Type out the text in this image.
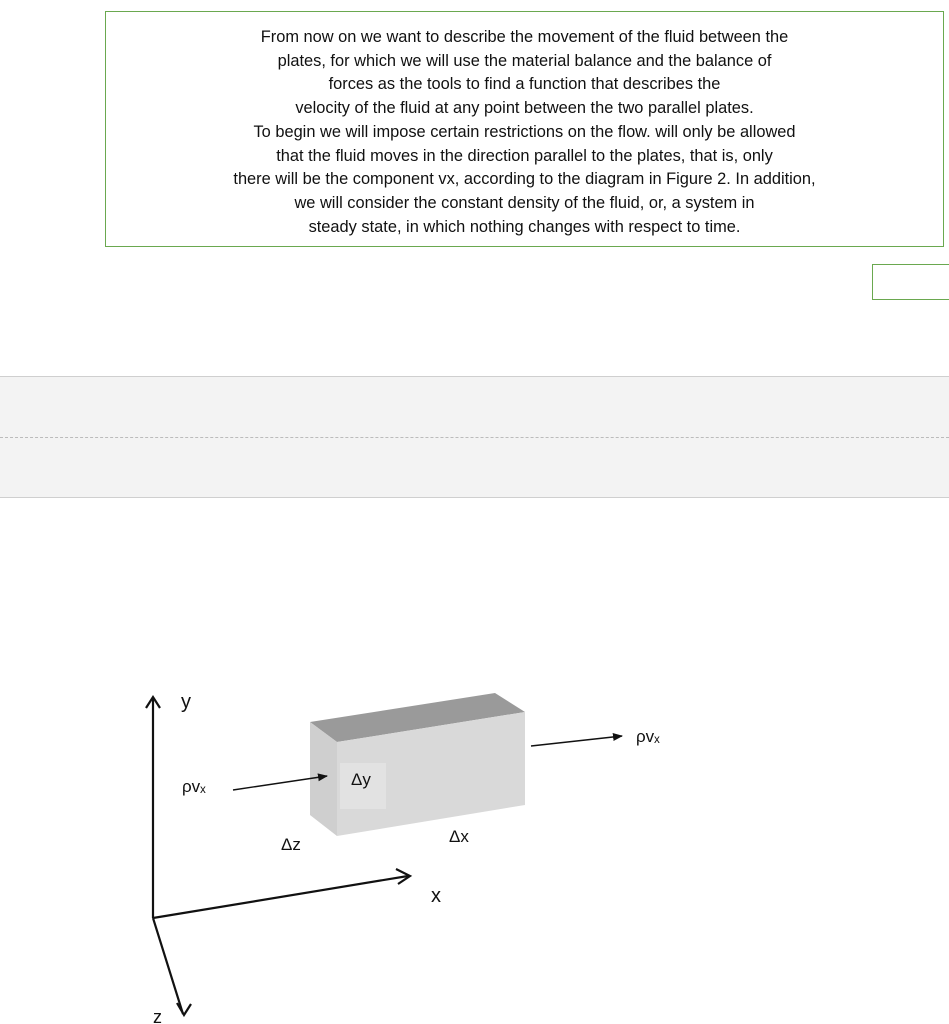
From now on we want to describe the movement of the fluid between the
plates, for which we will use the material balance and the balance of
forces as the tools to find a function that describes the
velocity of the fluid at any point between the two parallel plates.
To begin we will impose certain restrictions on the flow. will only be allowed
that the fluid moves in the direction parallel to the plates, that is, only
there will be the component vx, according to the diagram in Figure 2. In addition,
we will consider the constant density of the fluid, or, a system in
steady state, in which nothing changes with respect to time.
y
x
z
Δy
Δx
Δz
ρvₓ
ρvₓ
